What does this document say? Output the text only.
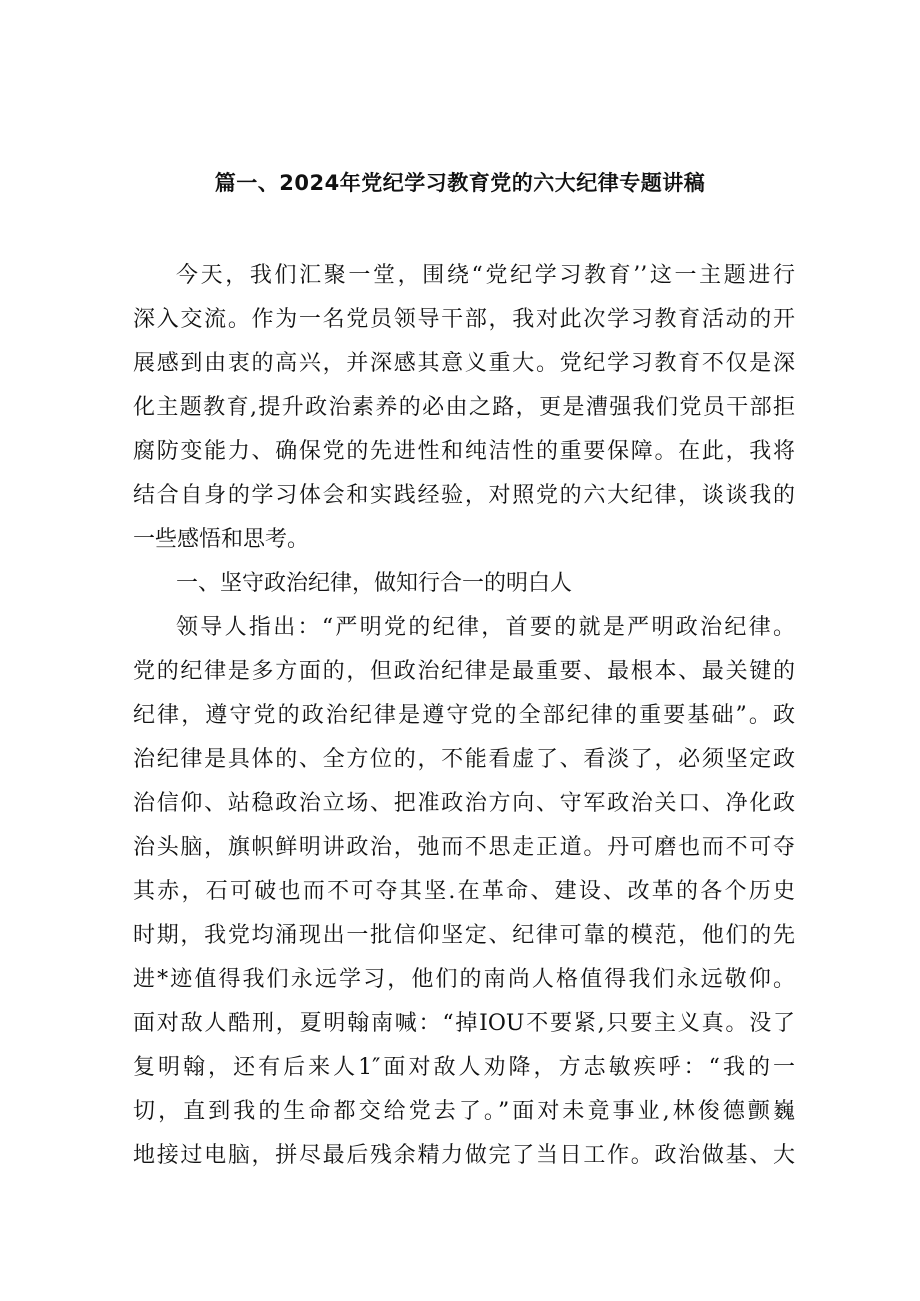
篇一、2024年党纪学习教育党的六大纪律专题讲稿
今天，我们汇聚一堂，围绕“党纪学习教育’’这一主题进行
深入交流。作为一名党员领导干部，我对此次学习教育活动的开
展感到由衷的高兴，并深感其意义重大。党纪学习教育不仅是深
化主题教育,提升政治素养的必由之路，更是漕强我们党员干部拒
腐防变能力、确保党的先进性和纯洁性的重要保障。在此，我将
结合自身的学习体会和实践经验，对照党的六大纪律，谈谈我的
一些感悟和思考。
一、坚守政治纪律，做知行合一的明白人
领导人指出：“严明党的纪律，首要的就是严明政治纪律。
党的纪律是多方面的，但政治纪律是最重要、最根本、最关键的
纪律，遵守党的政治纪律是遵守党的全部纪律的重要基础”。政
治纪律是具体的、全方位的，不能看虚了、看淡了，必须坚定政
治信仰、站稳政治立场、把准政治方向、守军政治关口、净化政
治头脑，旗帜鲜明讲政治，弛而不思走正道。丹可磨也而不可夺
其赤，石可破也而不可夺其坚.在革命、建设、改革的各个历史
时期，我党均涌现出一批信仰坚定、纪律可靠的模范，他们的先
进*迹值得我们永远学习，他们的南尚人格值得我们永远敬仰。
面对敌人酷刑，夏明翰南喊：“掉IOU不要紧,只要主义真。没了
复明翰，还有后来人1″面对敌人劝降，方志敏疾呼：“我的一
切，直到我的生命都交给党去了。”面对未竟事业,林俊德颤巍
地接过电脑，拼尽最后残余精力做完了当日工作。政治做基、大
